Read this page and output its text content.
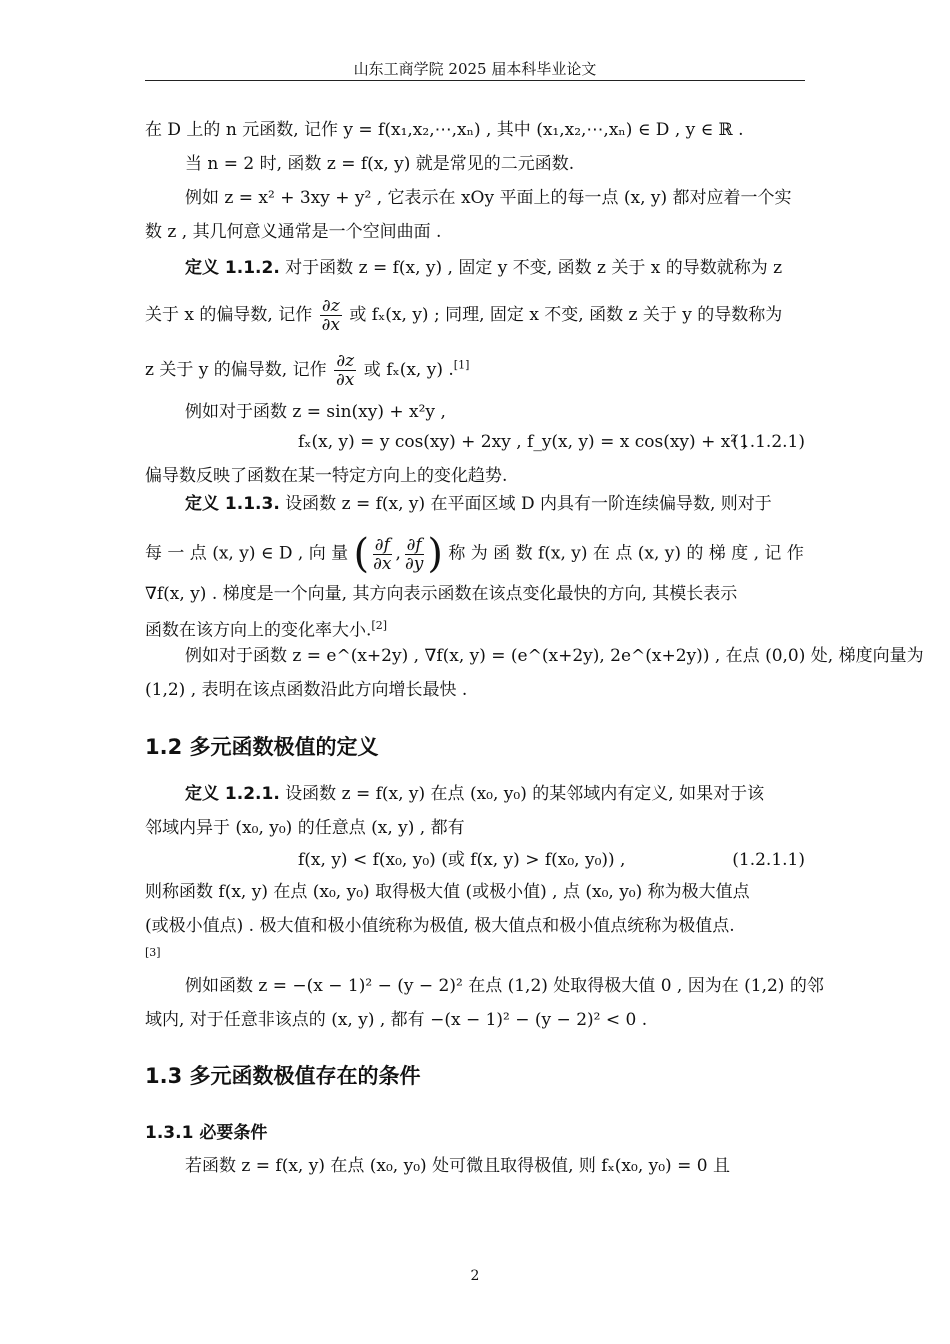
山东工商学院 2025 届本科毕业论文
在 D 上的 n 元函数, 记作 y = f(x₁,x₂,⋯,xₙ) , 其中 (x₁,x₂,⋯,xₙ) ∈ D , y ∈ ℝ .
当 n = 2 时, 函数 z = f(x, y) 就是常见的二元函数.
例如 z = x² + 3xy + y² , 它表示在 xOy 平面上的每一点 (x, y) 都对应着一个实
数 z , 其几何意义通常是一个空间曲面 .
定义 1.1.2. 对于函数 z = f(x, y) , 固定 y 不变, 函数 z 关于 x 的导数就称为 z
关于 x 的偏导数, 记作 $\frac{\partial z}{\partial x}$ 或 fₓ(x, y) ; 同理, 固定 x 不变, 函数 z 关于 y 的导数称为
z 关于 y 的偏导数, 记作 $\frac{\partial z}{\partial x}$ 或 fₓ(x, y) .[1]
例如对于函数 z = sin(xy) + x²y ,
fₓ(x, y) = y cos(xy) + 2xy , f_y(x, y) = x cos(xy) + x² ,
(1.1.2.1)
偏导数反映了函数在某一特定方向上的变化趋势.
定义 1.1.3. 设函数 z = f(x, y) 在平面区域 D 内具有一阶连续偏导数, 则对于
每 一 点 (x, y) ∈ D , 向 量 ( $\frac{\partial f}{\partial x}$ , $\frac{\partial f}{\partial y}$ ) 称 为 函 数 f(x, y) 在 点 (x, y) 的 梯 度 , 记 作
∇f(x, y) . 梯度是一个向量, 其方向表示函数在该点变化最快的方向, 其模长表示
函数在该方向上的变化率大小.[2]
例如对于函数 z = e^(x+2y) , ∇f(x, y) = (e^(x+2y), 2e^(x+2y)) , 在点 (0,0) 处, 梯度向量为
(1,2) , 表明在该点函数沿此方向增长最快 .
1.2 多元函数极值的定义
定义 1.2.1. 设函数 z = f(x, y) 在点 (x₀, y₀) 的某邻域内有定义, 如果对于该
邻域内异于 (x₀, y₀) 的任意点 (x, y) , 都有
f(x, y) < f(x₀, y₀) (或 f(x, y) > f(x₀, y₀)) ,	(1.2.1.1)
则称函数 f(x, y) 在点 (x₀, y₀) 取得极大值 (或极小值) , 点 (x₀, y₀) 称为极大值点
(或极小值点) . 极大值和极小值统称为极值, 极大值点和极小值点统称为极值点.
[3]
例如函数 z = −(x − 1)² − (y − 2)² 在点 (1,2) 处取得极大值 0 , 因为在 (1,2) 的邻
域内, 对于任意非该点的 (x, y) , 都有 −(x − 1)² − (y − 2)² < 0 .
1.3 多元函数极值存在的条件
1.3.1 必要条件
若函数 z = f(x, y) 在点 (x₀, y₀) 处可微且取得极值, 则 fₓ(x₀, y₀) = 0 且
2
